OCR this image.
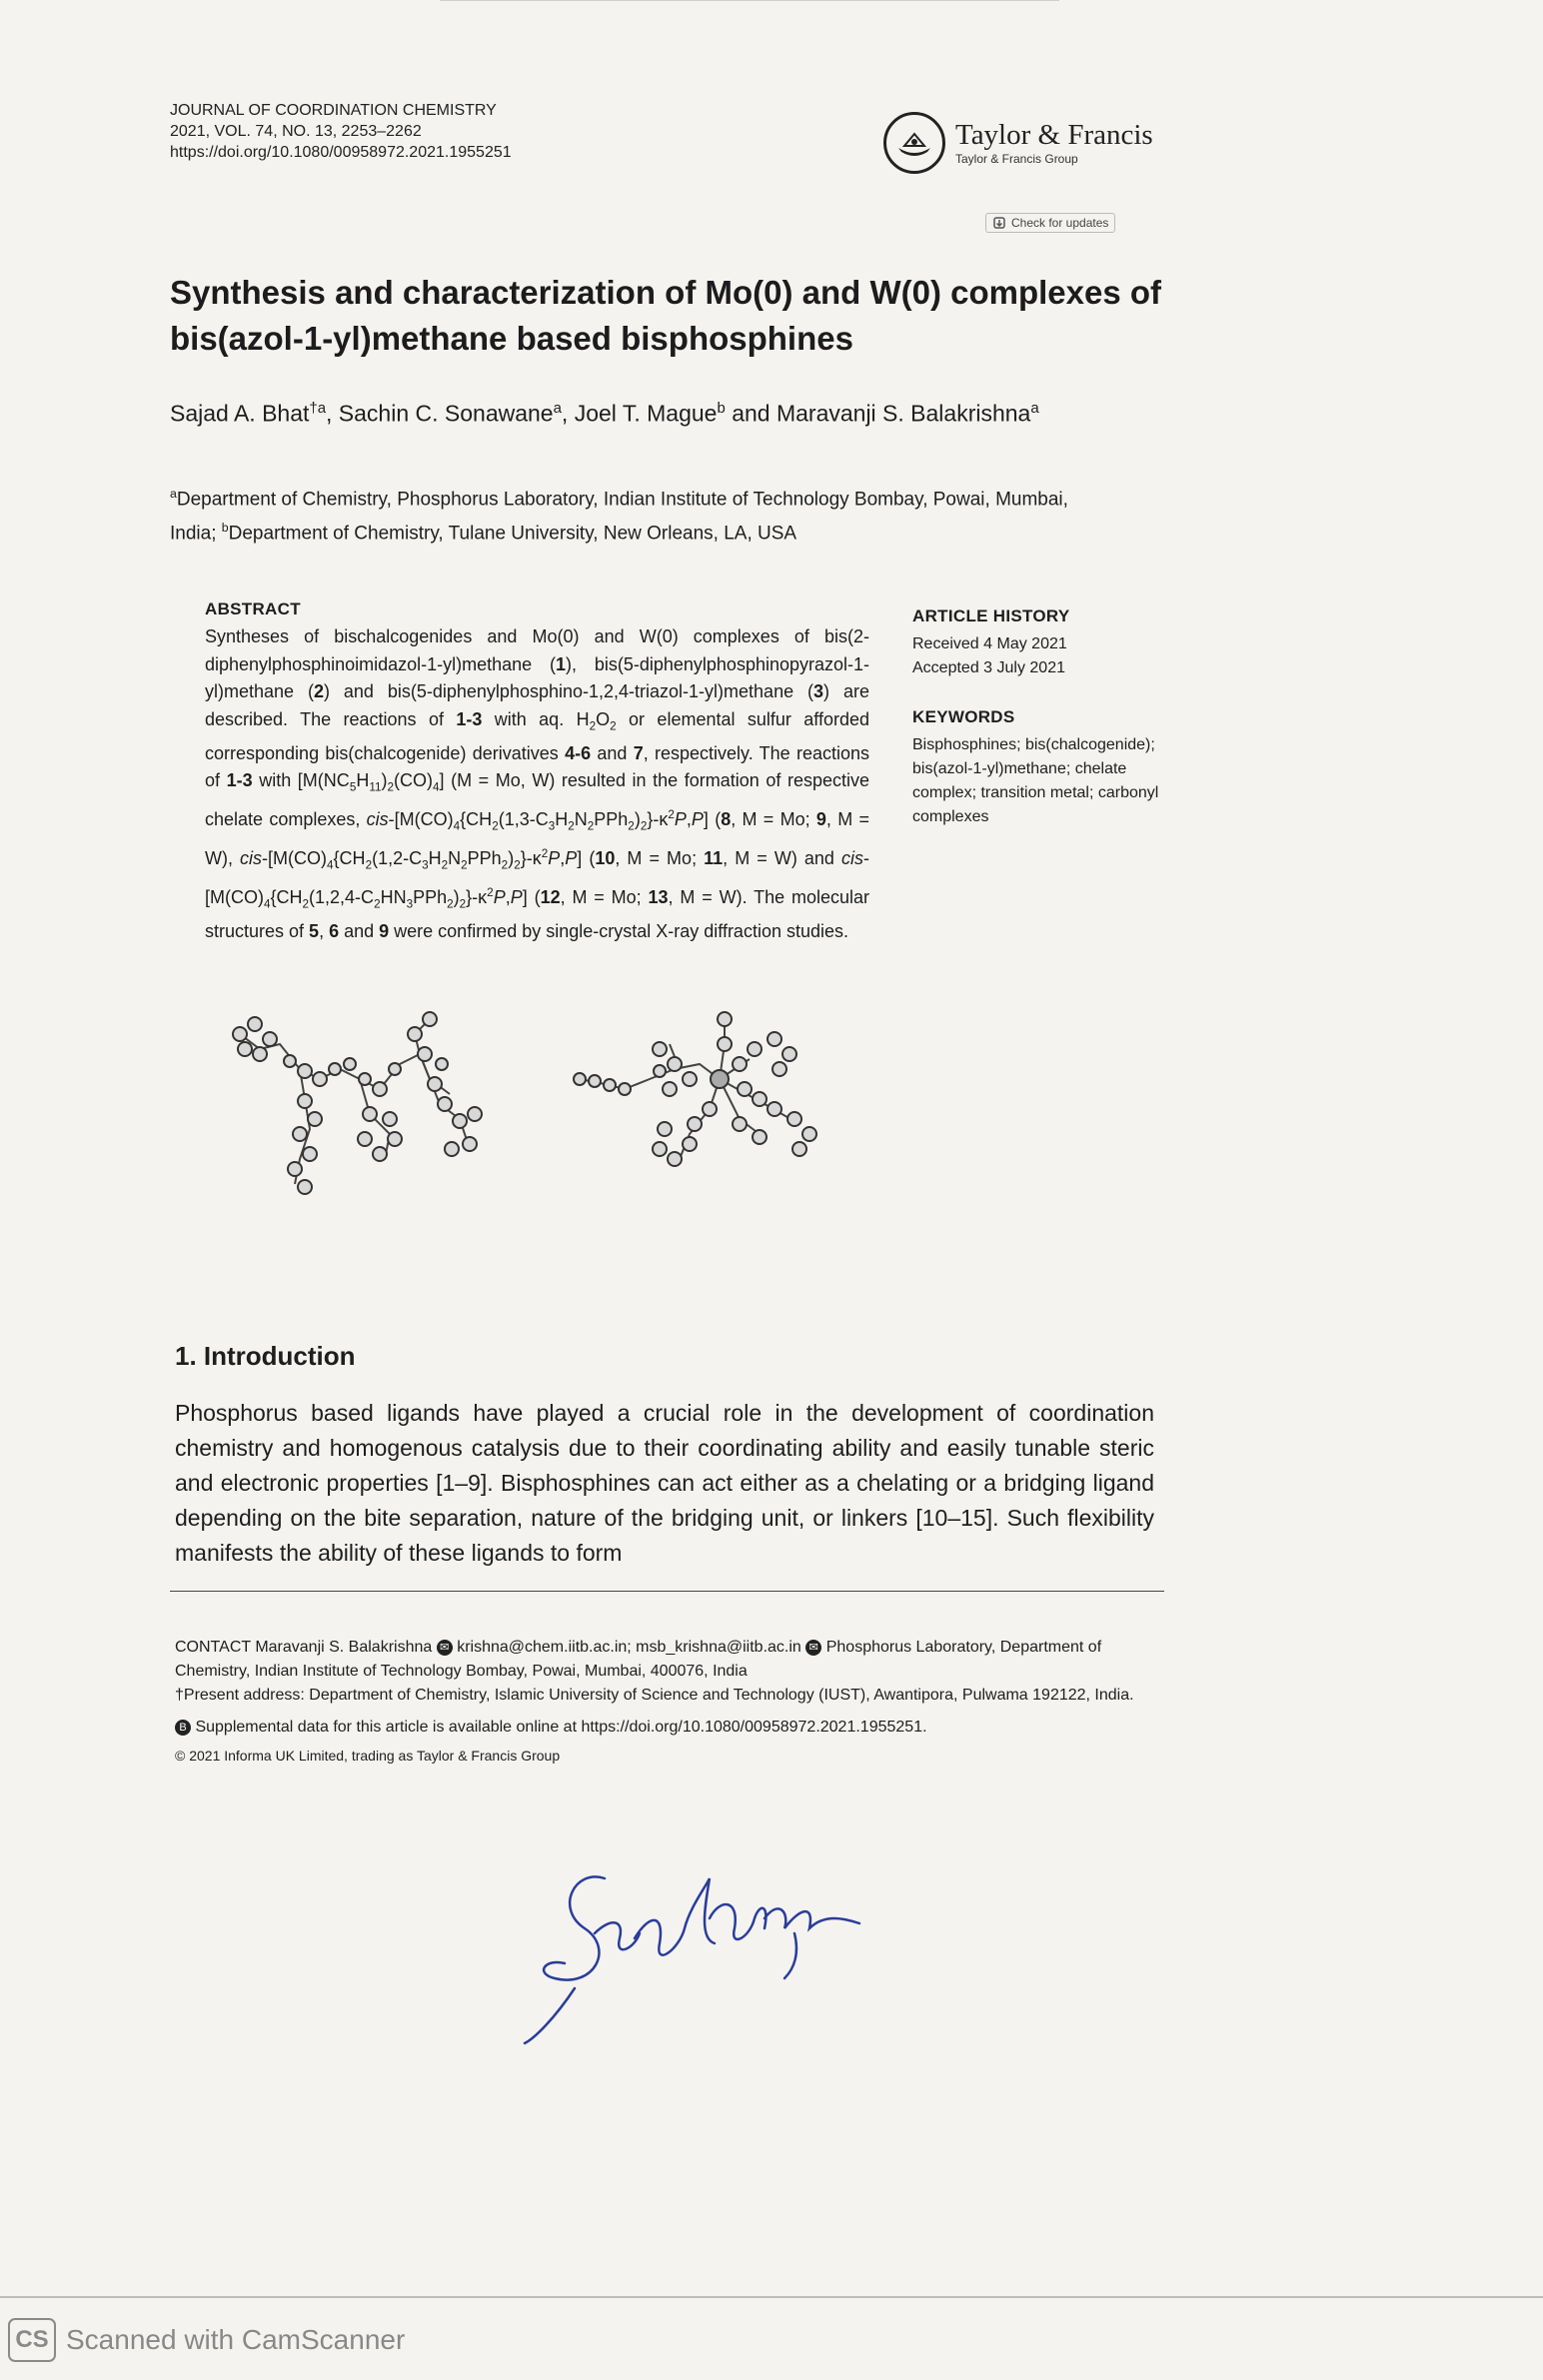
JOURNAL OF COORDINATION CHEMISTRY
2021, VOL. 74, NO. 13, 2253–2262
https://doi.org/10.1080/00958972.2021.1955251
Taylor & Francis
Taylor & Francis Group
Check for updates
Synthesis and characterization of Mo(0) and W(0) complexes of bis(azol-1-yl)methane based bisphosphines
Sajad A. Bhat$^{\dagger a}$, Sachin C. Sonawane$^a$, Joel T. Mague$^b$ and Maravanji S. Balakrishna$^a$
$^a$Department of Chemistry, Phosphorus Laboratory, Indian Institute of Technology Bombay, Powai, Mumbai, India; $^b$Department of Chemistry, Tulane University, New Orleans, LA, USA
ABSTRACT

Syntheses of bischalcogenides and Mo(0) and W(0) complexes of bis(2-diphenylphosphinoimidazol-1-yl)methane (1), bis(5-diphenylphosphinopyrazol-1-yl)methane (2) and bis(5-diphenylphosphino-1,2,4-triazol-1-yl)methane (3) are described. The reactions of 1-3 with aq. $H_2O_2$ or elemental sulfur afforded corresponding bis(chalcogenide) derivatives 4-6 and 7, respectively. The reactions of 1-3 with $[M(NC_5H_{11})_2(CO)_4] (M = Mo$, W) resulted in the formation of respective chelate complexes, cis-$[M(CO)_4\{CH_2(1,3-C_3H_2N_2PPh_2)_2\}-\kappa^2P,P]$ (8, M = Mo; 9, M = W), cis-$[M(CO)_4\{CH_2(1,2-C_3H_2N_2PPh_2)_2\}-\kappa^2P,P]$ (10, M = Mo; 11, M = W) and cis-$[M(CO)_4\{CH_2(1,2,4-C_2HN_3PPh_2)_2\}-\kappa^2P,P]$ (12, M = Mo; 13, M = W). The molecular structures of 5, 6 and 9 were confirmed by single-crystal X-ray diffraction studies.

ARTICLE HISTORY

Received 4 May 2021

Accepted 3 July 2021

KEYWORDS

Bisphosphines; bis(chalcogenide); bis(azol-1-yl)methane; chelate complex; transition metal; carbonyl complexes

1. Introduction

Phosphorus based ligands have played a crucial role in the development of coordination chemistry and homogenous catalysis due to their coordinating ability and easily tunable steric and electronic properties [1–9]. Bisphosphines can act either as a chelating or a bridging ligand depending on the bite separation, nature of the bridging unit, or linkers [10–15]. Such flexibility manifests the ability of these ligands to form

CONTACT Maravanji S. Balakrishna ✉ krishna@chem.iitb.ac.in; msb_krishna@iitb.ac.in ✉ Phosphorus Laboratory, Department of Chemistry, Indian Institute of Technology Bombay, Powai, Mumbai, 400076, India

†Present address: Department of Chemistry, Islamic University of Science and Technology (IUST), Awantipora, Pulwama 192122, India.

B Supplemental data for this article is available online at https://doi.org/10.1080/00958972.2021.1955251.

© 2021 Informa UK Limited, trading as Taylor & Francis Group

CS Scanned with CamScanner
